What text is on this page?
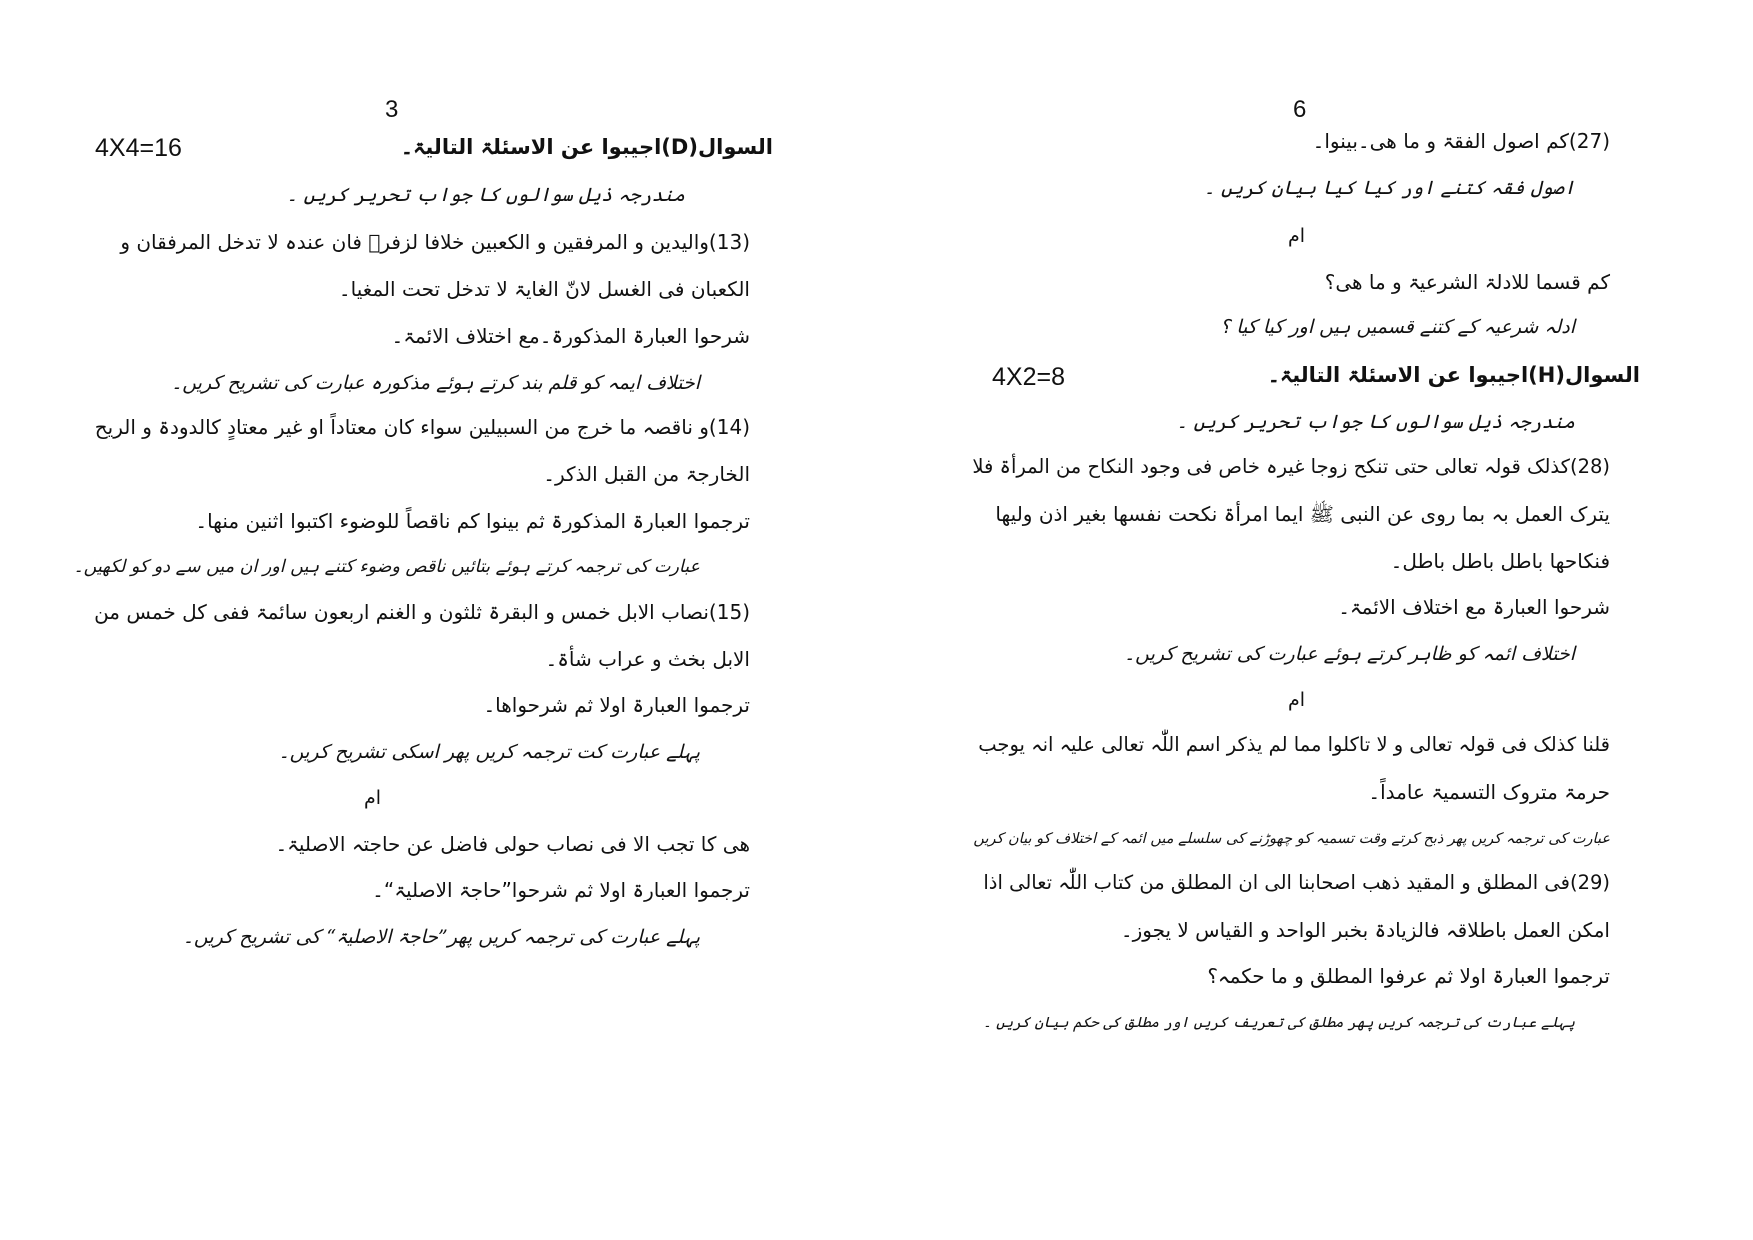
3
4X4=16	السوال(D)اجیبوا عن الاسئلۃ التالیۃ۔
مندرجہ ذیل سوالوں کا جواب تحریر کریں ۔
(13)والیدین و المرفقین و الکعبین خلافا لزفرؒ فان عندہ لا تدخل المرفقان و
الکعبان فی الغسل لانّ الغایۃ لا تدخل تحت المغیا۔
شرحوا العبارۃ المذکورۃ۔مع اختلاف الائمۃ۔
اختلاف ایمہ کو قلم بند کرتے ہوئے مذکورہ عبارت کی تشریح کریں۔
(14)و ناقصہ ما خرج من السبیلین سواء کان معتاداً او غیر معتادٍ کالدودۃ و الریح
الخارجۃ من القبل الذکر۔
ترجموا العبارۃ المذکورۃ ثم بینوا کم ناقصاً للوضوء اکتبوا اثنین منھا۔
عبارت کی ترجمہ کرتے ہوئے بتائیں ناقص وضوء کتنے ہیں اور ان میں سے دو کو لکھیں۔
(15)نصاب الابل خمس و البقرۃ ثلثون و الغنم اربعون سائمۃ ففی کل خمس من
الابل بخث و عراب شأۃ۔
ترجموا العبارۃ اولا ثم شرحواھا۔
پہلے عبارت کت ترجمہ کریں پھر اسکی تشریح کریں۔
ام
ھی کا تجب الا فی نصاب حولی فاضل عن حاجتہ الاصلیۃ۔
ترجموا العبارۃ اولا ثم شرحوا”حاجۃ الاصلیۃ“۔
پہلے عبارت کی ترجمہ کریں پھر”حاجۃ الاصلیۃ“ کی تشریح کریں۔
6
4X2=8
(27)کم اصول الفقۃ و ما ھی۔بینوا۔
اصول فقہ کتنے اور کیا کیا بیان کریں ۔
ام
کم قسما للادلۃ الشرعیۃ و ما ھی؟
ادلہ شرعیہ کے کتنے قسمیں ہیں اور کیا کیا ؟
السوال(H)اجیبوا عن الاسئلۃ التالیۃ۔
مندرجہ ذیل سوالوں کا جواب تحریر کریں ۔
(28)کذلک قولہ تعالی حتی تنکح زوجا غیرہ خاص فی وجود النکاح من المرأۃ فلا
یترک العمل بہ بما روی عن النبی ﷺ ایما امرأۃ نکحت نفسھا بغیر اذن ولیھا
فنکاحھا باطل باطل باطل۔
شرحوا العبارۃ مع اختلاف الائمۃ۔
اختلاف ائمہ کو ظاہر کرتے ہوئے عبارت کی تشریح کریں۔
ام
قلنا کذلک فی قولہ تعالی و لا تاکلوا مما لم یذکر اسم اللّٰہ تعالی علیہ انہ یوجب
حرمۃ متروک التسمیۃ عامداً۔
عبارت کی ترجمہ کریں پھر ذبح کرتے وقت تسمیہ کو چھوڑنے کی سلسلے میں ائمہ کے اختلاف کو بیان کریں
(29)فی المطلق و المقید ذھب اصحابنا الی ان المطلق من کتاب اللّٰہ تعالی اذا
امکن العمل باطلاقہ فالزیادۃ بخبر الواحد و القیاس لا یجوز۔
ترجموا العبارۃ اولا ثم عرفوا المطلق و ما حکمہ؟
پہلے عبارت کی ترجمہ کریں پھر مطلق کی تعریف کریں اور مطلق کی حکم بیان کریں ۔
